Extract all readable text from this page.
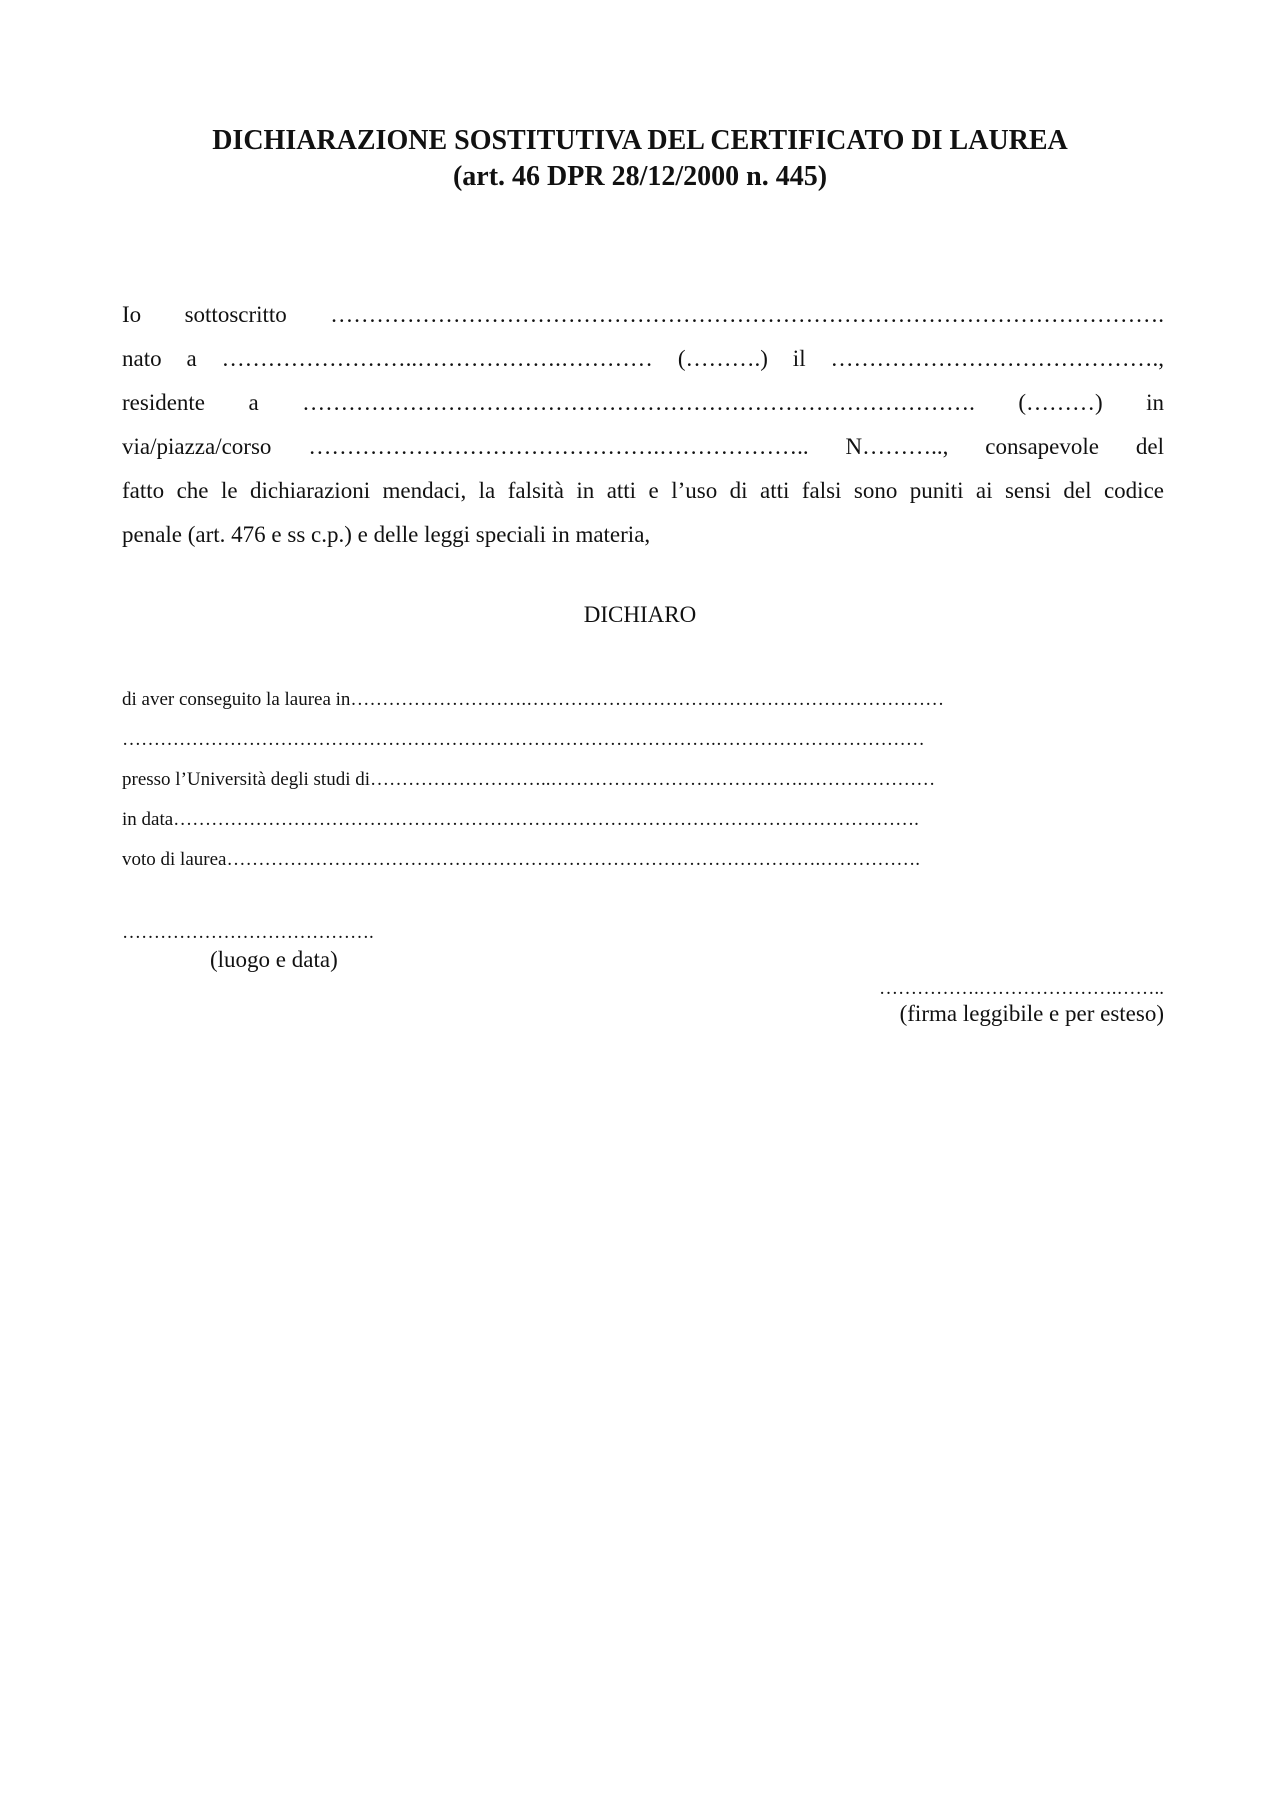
DICHIARAZIONE SOSTITUTIVA DEL CERTIFICATO DI LAUREA
(art. 46 DPR 28/12/2000 n. 445)
Io sottoscritto ……………………………………………………………………………………………….
nato a ……………………..……………….………… (……….) il …………………………………….,
residente a ……………………………………………………………………………. (………) in
via/piazza/corso ……………………………………….……………….. N……….., consapevole del
fatto che le dichiarazioni mendaci, la falsità in atti e l’uso di atti falsi sono puniti ai sensi del codice
penale (art. 476 e ss c.p.) e delle leggi speciali in materia,
DICHIARO
di aver conseguito la laurea in……………………….…………………………………………………………
………………………………………………………………………………….……………………………
presso l’Università degli studi di………………………..………………………………….…………………
in data……………………………………………………………………………………………………….
voto di laurea………………………………………………………………………………….…………….
………………………………….
(luogo e data)
…………….………………….……..
(firma leggibile e per esteso)
